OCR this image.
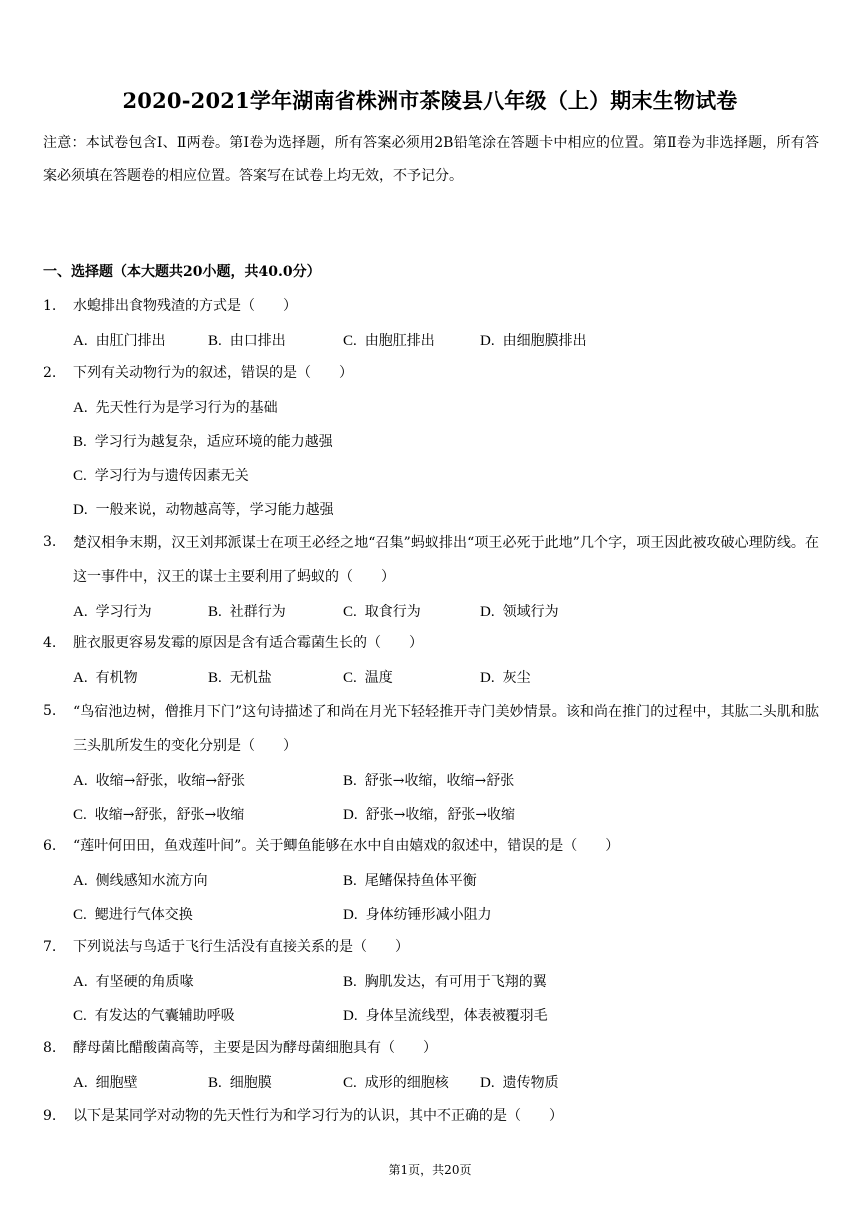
2020-2021学年湖南省株洲市茶陵县八年级（上）期末生物试卷
注意：本试卷包含Ⅰ、Ⅱ两卷。第Ⅰ卷为选择题，所有答案必须用2B铅笔涂在答题卡中相应的位置。第Ⅱ卷为非选择题，所有答案必须填在答题卷的相应位置。答案写在试卷上均无效，不予记分。
一、选择题（本大题共20小题，共40.0分）
1.	水螅排出食物残渣的方式是（　　）
A. 由肛门排出	B. 由口排出	C. 由胞肛排出	D. 由细胞膜排出
2.	下列有关动物行为的叙述，错误的是（　　）
A. 先天性行为是学习行为的基础
B. 学习行为越复杂，适应环境的能力越强
C. 学习行为与遗传因素无关
D. 一般来说，动物越高等，学习能力越强
3.	楚汉相争末期，汉王刘邦派谋士在项王必经之地“召集”蚂蚁排出“项王必死于此地”几个字，项王因此被攻破心理防线。在这一事件中，汉王的谋士主要利用了蚂蚁的（　　）
A. 学习行为	B. 社群行为	C. 取食行为	D. 领域行为
4.	脏衣服更容易发霉的原因是含有适合霉菌生长的（　　）
A. 有机物	B. 无机盐	C. 温度	D. 灰尘
5.	“鸟宿池边树，僧推月下门”这句诗描述了和尚在月光下轻轻推开寺门美妙情景。该和尚在推门的过程中，其肱二头肌和肱三头肌所发生的变化分别是（　　）
A. 收缩→舒张，收缩→舒张	B. 舒张→收缩，收缩→舒张
C. 收缩→舒张，舒张→收缩	D. 舒张→收缩，舒张→收缩
6.	“莲叶何田田，鱼戏莲叶间”。关于鲫鱼能够在水中自由嬉戏的叙述中，错误的是（　　）
A. 侧线感知水流方向	B. 尾鳍保持鱼体平衡
C. 鳃进行气体交换	D. 身体纺锤形减小阻力
7.	下列说法与鸟适于飞行生活没有直接关系的是（　　）
A. 有坚硬的角质喙	B. 胸肌发达，有可用于飞翔的翼
C. 有发达的气囊辅助呼吸	D. 身体呈流线型，体表被覆羽毛
8.	酵母菌比醋酸菌高等，主要是因为酵母菌细胞具有（　　）
A. 细胞壁	B. 细胞膜	C. 成形的细胞核	D. 遗传物质
9.	以下是某同学对动物的先天性行为和学习行为的认识，其中不正确的是（　　）
第1页，共20页
